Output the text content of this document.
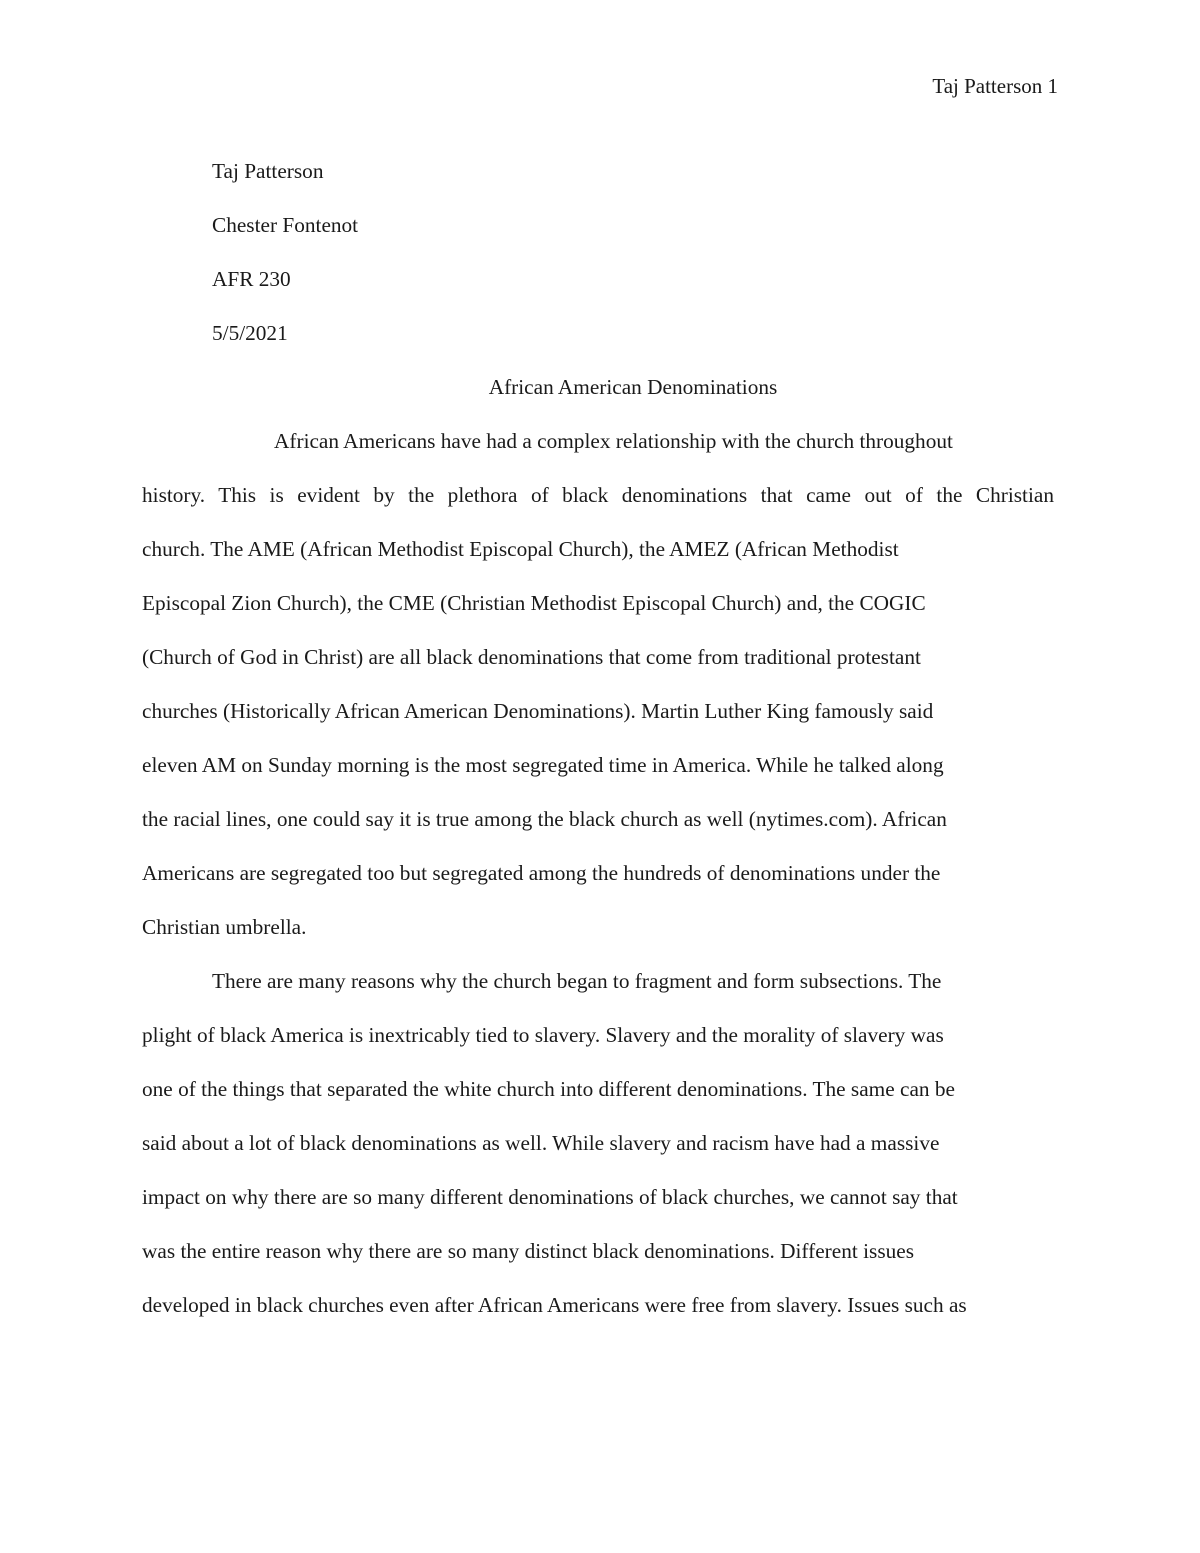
Taj Patterson 1
Taj Patterson
Chester Fontenot
AFR 230
5/5/2021
African American Denominations
African Americans have had a complex relationship with the church throughout
history. This is evident by the plethora of black denominations that came out of the Christian
church. The AME (African Methodist Episcopal Church), the AMEZ (African Methodist
Episcopal Zion Church), the CME (Christian Methodist Episcopal Church) and, the COGIC
(Church of God in Christ) are all black denominations that come from traditional protestant
churches (Historically African American Denominations). Martin Luther King famously said
eleven AM on Sunday morning is the most segregated time in America. While he talked along
the racial lines, one could say it is true among the black church as well (nytimes.com). African
Americans are segregated too but segregated among the hundreds of denominations under the
Christian umbrella.
There are many reasons why the church began to fragment and form subsections. The
plight of black America is inextricably tied to slavery. Slavery and the morality of slavery was
one of the things that separated the white church into different denominations. The same can be
said about a lot of black denominations as well. While slavery and racism have had a massive
impact on why there are so many different denominations of black churches, we cannot say that
was the entire reason why there are so many distinct black denominations. Different issues
developed in black churches even after African Americans were free from slavery. Issues such as
